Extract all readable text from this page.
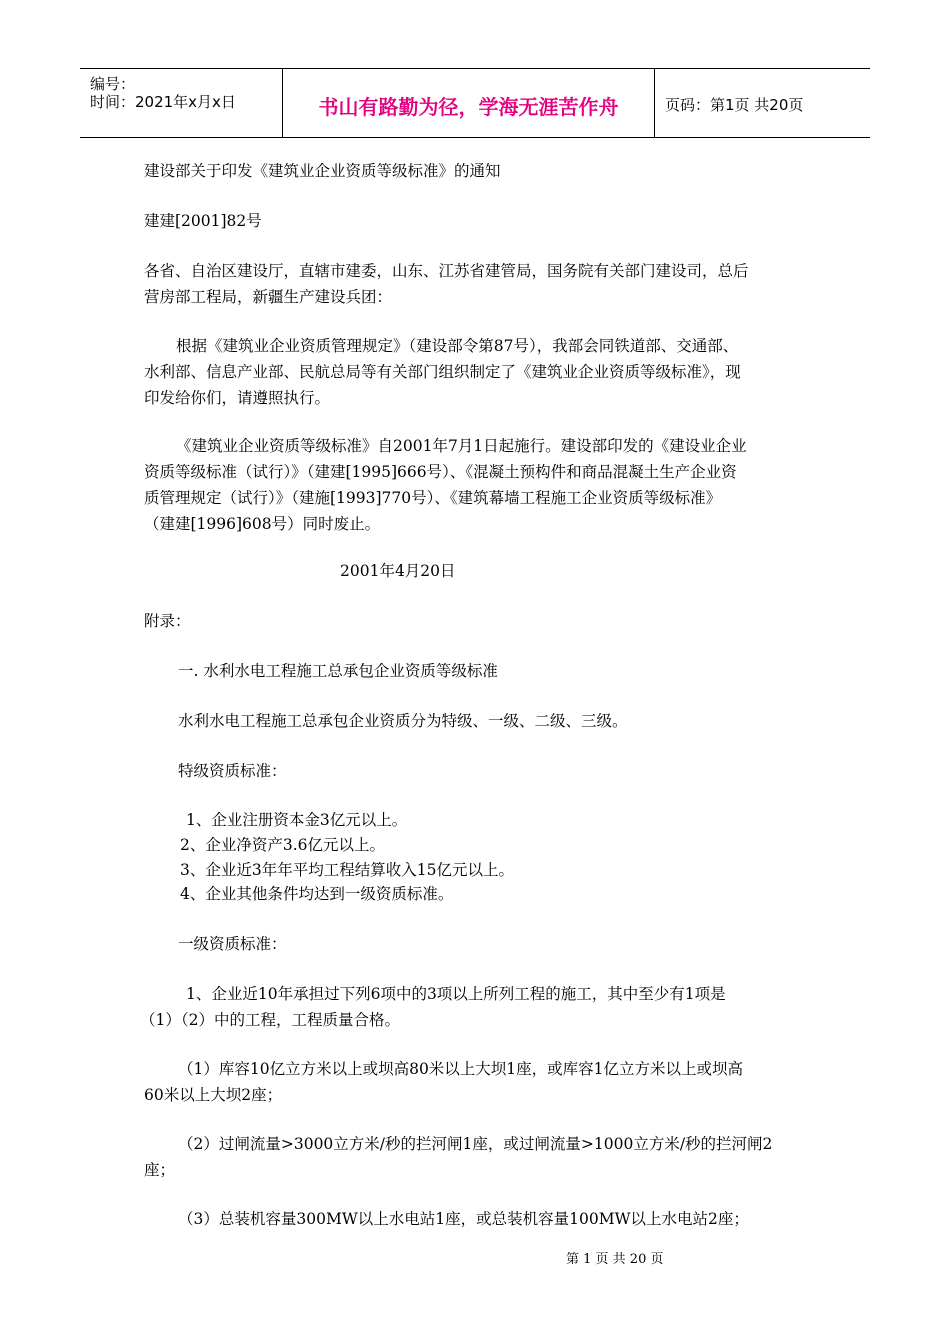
编号：
时间：2021年x月x日	书山有路勤为径，学海无涯苦作舟	页码：第1页 共20页
建设部关于印发《建筑业企业资质等级标准》的通知
建建[2001]82号
各省、自治区建设厅，直辖市建委，山东、江苏省建管局，国务院有关部门建设司，总后
营房部工程局，新疆生产建设兵团：
根据《建筑业企业资质管理规定》（建设部令第87号），我部会同铁道部、交通部、
水利部、信息产业部、民航总局等有关部门组织制定了《建筑业企业资质等级标准》，现
印发给你们，请遵照执行。
《建筑业企业资质等级标准》自2001年7月1日起施行。建设部印发的《建设业企业
资质等级标准（试行）》（建建[1995]666号）、《混凝土预构件和商品混凝土生产企业资
质管理规定（试行）》（建施[1993]770号）、《建筑幕墙工程施工企业资质等级标准》
（建建[1996]608号）同时废止。
2001年4月20日
附录：
一. 水利水电工程施工总承包企业资质等级标准
水利水电工程施工总承包企业资质分为特级、一级、二级、三级。
特级资质标准：
1、企业注册资本金3亿元以上。
2、企业净资产3.6亿元以上。
3、企业近3年年平均工程结算收入15亿元以上。
4、企业其他条件均达到一级资质标准。
一级资质标准：
1、企业近10年承担过下列6项中的3项以上所列工程的施工，其中至少有1项是
（1）（2）中的工程，工程质量合格。
（1）库容10亿立方米以上或坝高80米以上大坝1座，或库容1亿立方米以上或坝高
60米以上大坝2座；
（2）过闸流量>3000立方米/秒的拦河闸1座，或过闸流量>1000立方米/秒的拦河闸2
座；
（3）总装机容量300MW以上水电站1座，或总装机容量100MW以上水电站2座；
第 1 页 共 20 页
